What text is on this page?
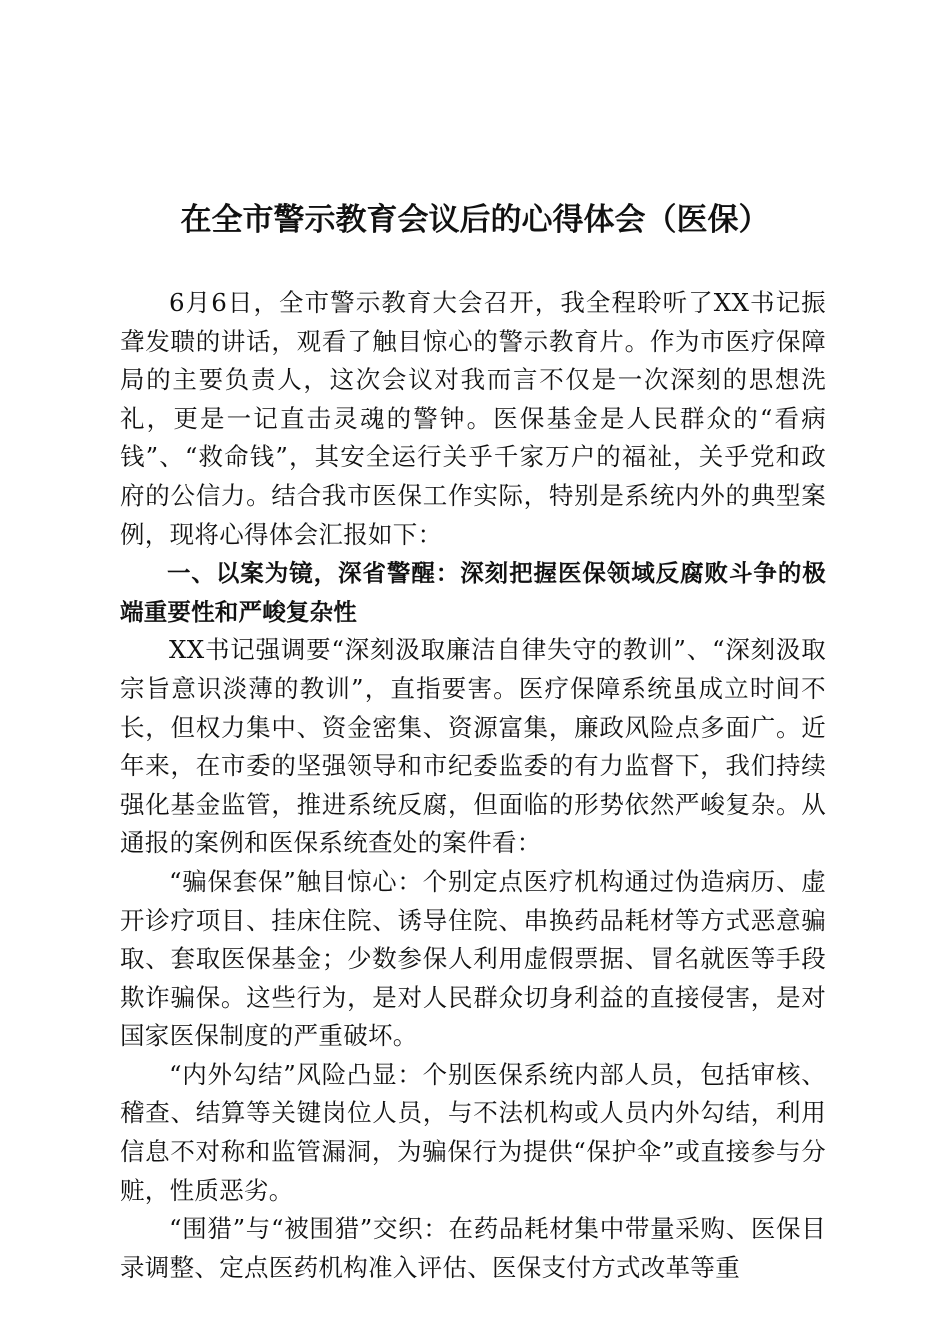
在全市警示教育会议后的心得体会（医保）

6月6日，全市警示教育大会召开，我全程聆听了XX书记振聋发聩的讲话，观看了触目惊心的警示教育片。作为市医疗保障局的主要负责人，这次会议对我而言不仅是一次深刻的思想洗礼，更是一记直击灵魂的警钟。医保基金是人民群众的“看病钱”、“救命钱”，其安全运行关乎千家万户的福祉，关乎党和政府的公信力。结合我市医保工作实际，特别是系统内外的典型案例，现将心得体会汇报如下：

一、以案为镜，深省警醒：深刻把握医保领域反腐败斗争的极端重要性和严峻复杂性

XX书记强调要“深刻汲取廉洁自律失守的教训”、“深刻汲取宗旨意识淡薄的教训”，直指要害。医疗保障系统虽成立时间不长，但权力集中、资金密集、资源富集，廉政风险点多面广。近年来，在市委的坚强领导和市纪委监委的有力监督下，我们持续强化基金监管，推进系统反腐，但面临的形势依然严峻复杂。从通报的案例和医保系统查处的案件看：

“骗保套保”触目惊心：个别定点医疗机构通过伪造病历、虚开诊疗项目、挂床住院、诱导住院、串换药品耗材等方式恶意骗取、套取医保基金；少数参保人利用虚假票据、冒名就医等手段欺诈骗保。这些行为，是对人民群众切身利益的直接侵害，是对国家医保制度的严重破坏。

“内外勾结”风险凸显：个别医保系统内部人员，包括审核、稽查、结算等关键岗位人员，与不法机构或人员内外勾结，利用信息不对称和监管漏洞，为骗保行为提供“保护伞”或直接参与分赃，性质恶劣。

“围猎”与“被围猎”交织：在药品耗材集中带量采购、医保目录调整、定点医药机构准入评估、医保支付方式改革等重
